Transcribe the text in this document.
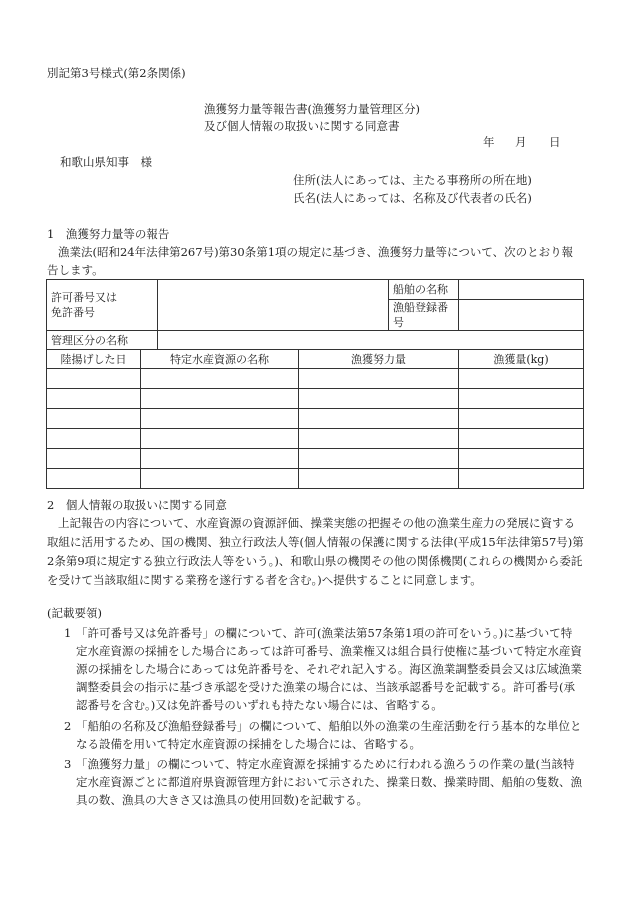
別記第3号様式(第2条関係)
漁獲努力量等報告書(漁獲努力量管理区分)
及び個人情報の取扱いに関する同意書
年 月 日
和歌山県知事　様
住所(法人にあっては、主たる事務所の所在地)
氏名(法人にあっては、名称及び代表者の氏名)
1　漁獲努力量等の報告
漁業法(昭和24年法律第267号)第30条第1項の規定に基づき、漁獲努力量等について、次のとおり報告します。
許可番号又は
免許番号				船舶の名称	
				漁船登録番号	
管理区分の名称					
陸揚げした日	特定水産資源の名称		漁獲努力量		漁獲量(kg)

2　個人情報の取扱いに関する同意
上記報告の内容について、水産資源の資源評価、操業実態の把握その他の漁業生産力の発展に資する取組に活用するため、国の機関、独立行政法人等(個人情報の保護に関する法律(平成15年法律第57号)第2条第9項に規定する独立行政法人等をいう。)、和歌山県の機関その他の関係機関(これらの機関から委託を受けて当該取組に関する業務を遂行する者を含む。)へ提供することに同意します。
(記載要領)
1 「許可番号又は免許番号」の欄について、許可(漁業法第57条第1項の許可をいう。)に基づいて特定水産資源の採捕をした場合にあっては許可番号、漁業権又は組合員行使権に基づいて特定水産資源の採捕をした場合にあっては免許番号を、それぞれ記入する。海区漁業調整委員会又は広域漁業調整委員会の指示に基づき承認を受けた漁業の場合には、当該承認番号を記載する。許可番号(承認番号を含む。)又は免許番号のいずれも持たない場合には、省略する。
2 「船舶の名称及び漁船登録番号」の欄について、船舶以外の漁業の生産活動を行う基本的な単位となる設備を用いて特定水産資源の採捕をした場合には、省略する。
3 「漁獲努力量」の欄について、特定水産資源を採捕するために行われる漁ろうの作業の量(当該特定水産資源ごとに都道府県資源管理方針において示された、操業日数、操業時間、船舶の隻数、漁具の数、漁具の大きさ又は漁具の使用回数)を記載する。
